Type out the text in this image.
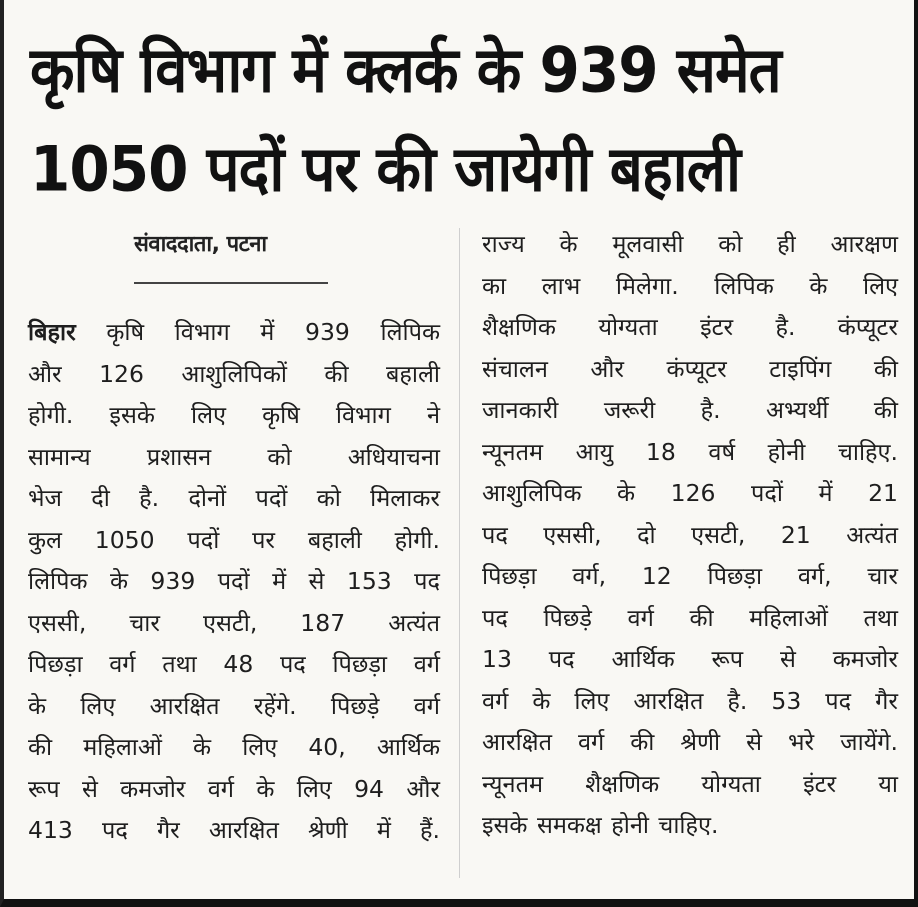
कृषि विभाग में क्लर्क के 939 समेत
1050 पदों पर की जायेगी बहाली
संवाददाता, पटना
बिहार कृषि विभाग में 939 लिपिक
और 126 आशुलिपिकों की बहाली
होगी. इसके लिए कृषि विभाग ने
सामान्य प्रशासन को अधियाचना
भेज दी है. दोनों पदों को मिलाकर
कुल 1050 पदों पर बहाली होगी.
लिपिक के 939 पदों में से 153 पद
एससी, चार एसटी, 187 अत्यंत
पिछड़ा वर्ग तथा 48 पद पिछड़ा वर्ग
के लिए आरक्षित रहेंगे. पिछड़े वर्ग
की महिलाओं के लिए 40, आर्थिक
रूप से कमजोर वर्ग के लिए 94 और
413 पद गैर आरक्षित श्रेणी में हैं.
राज्य के मूलवासी को ही आरक्षण
का लाभ मिलेगा. लिपिक के लिए
शैक्षणिक योग्यता इंटर है. कंप्यूटर
संचालन और कंप्यूटर टाइपिंग की
जानकारी जरूरी है. अभ्यर्थी की
न्यूनतम आयु 18 वर्ष होनी चाहिए.
आशुलिपिक के 126 पदों में 21
पद एससी, दो एसटी, 21 अत्यंत
पिछड़ा वर्ग, 12 पिछड़ा वर्ग, चार
पद पिछड़े वर्ग की महिलाओं तथा
13 पद आर्थिक रूप से कमजोर
वर्ग के लिए आरक्षित है. 53 पद गैर
आरक्षित वर्ग की श्रेणी से भरे जायेंगे.
न्यूनतम शैक्षणिक योग्यता इंटर या
इसके समकक्ष होनी चाहिए.
